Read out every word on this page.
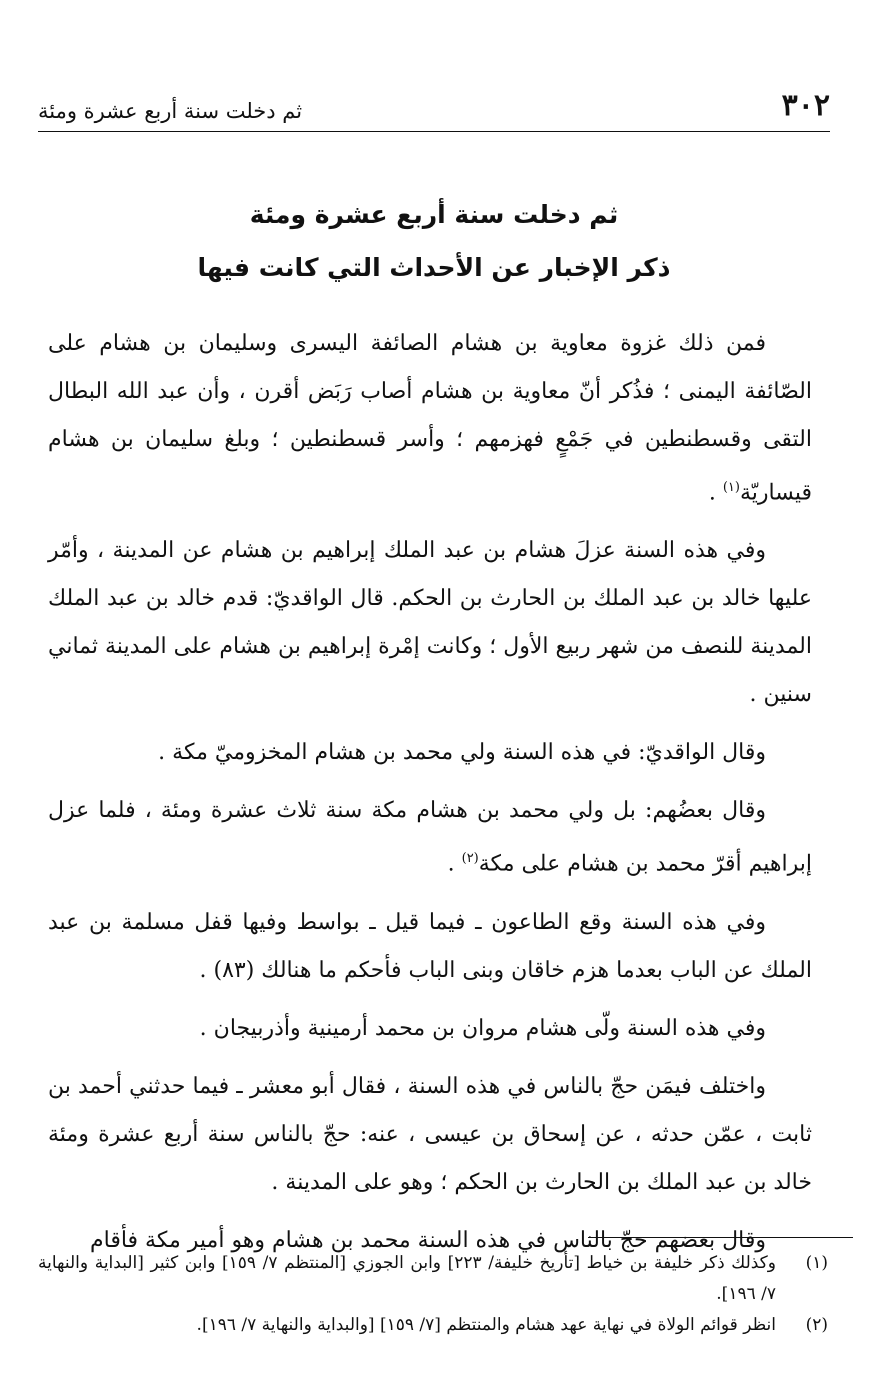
٣٠٢
ثم دخلت سنة أربع عشرة ومئة

ثم دخلت سنة أربع عشرة ومئة

ذكر الإخبار عن الأحداث التي كانت فيها

فمن ذلك غزوة معاوية بن هشام الصائفة اليسرى وسليمان بن هشام على الصّائفة اليمنى ؛ فذُكر أنّ معاوية بن هشام أصاب رَبَض أقرن ، وأن عبد الله البطال التقى وقسطنطين في جَمْعٍ فهزمهم ؛ وأسر قسطنطين ؛ وبلغ سليمان بن هشام قيساريّة$^{(١)}$ .

وفي هذه السنة عزلَ هشام بن عبد الملك إبراهيم بن هشام عن المدينة ، وأمّر عليها خالد بن عبد الملك بن الحارث بن الحكم. قال الواقديّ: قدم خالد بن عبد الملك المدينة للنصف من شهر ربيع الأول ؛ وكانت إمْرة إبراهيم بن هشام على المدينة ثماني سنين .

وقال الواقديّ: في هذه السنة ولي محمد بن هشام المخزوميّ مكة .

وقال بعضُهم: بل ولي محمد بن هشام مكة سنة ثلاث عشرة ومئة ، فلما عزل إبراهيم أقرّ محمد بن هشام على مكة$^{(٢)}$ .

وفي هذه السنة وقع الطاعون ـ فيما قيل ـ بواسط وفيها قفل مسلمة بن عبد الملك عن الباب بعدما هزم خاقان وبنى الباب فأحكم ما هنالك (٨٣) .

وفي هذه السنة ولّى هشام مروان بن محمد أرمينية وأذربيجان .

واختلف فيمَن حجّ بالناس في هذه السنة ، فقال أبو معشر ـ فيما حدثني أحمد بن ثابت ، عمّن حدثه ، عن إسحاق بن عيسى ، عنه: حجّ بالناس سنة أربع عشرة ومئة خالد بن عبد الملك بن الحارث بن الحكم ؛ وهو على المدينة .

وقال بعضهم حجّ بالناس في هذه السنة محمد بن هشام وهو أمير مكة فأقام

(١)
وكذلك ذكر خليفة بن خياط [تأريخ خليفة/ ٢٢٣] وابن الجوزي [المنتظم ٧/ ١٥٩] وابن كثير [البداية والنهاية ٧/ ١٩٦].

(٢)
انظر قوائم الولاة في نهاية عهد هشام والمنتظم [٧/ ١٥٩] [والبداية والنهاية ٧/ ١٩٦].
